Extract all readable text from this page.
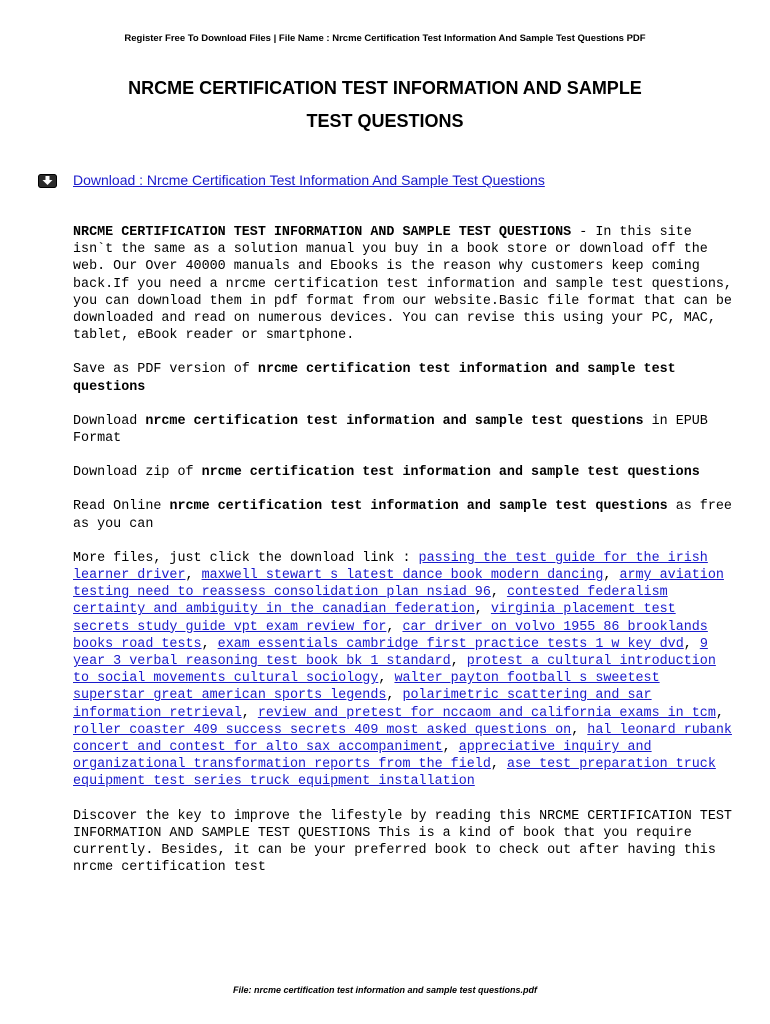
Register Free To Download Files | File Name : Nrcme Certification Test Information And Sample Test Questions PDF
NRCME CERTIFICATION TEST INFORMATION AND SAMPLE
TEST QUESTIONS
Download : Nrcme Certification Test Information And Sample Test Questions

NRCME CERTIFICATION TEST INFORMATION AND SAMPLE TEST QUESTIONS - In this site isn`t the same as a solution manual you buy in a book store or download off the web. Our Over 40000 manuals and Ebooks is the reason why customers keep coming back.If you need a nrcme certification test information and sample test questions, you can download them in pdf format from our website.Basic file format that can be downloaded and read on numerous devices. You can revise this using your PC, MAC, tablet, eBook reader or smartphone.

Save as PDF version of nrcme certification test information and sample test questions

Download nrcme certification test information and sample test questions in EPUB Format

Download zip of nrcme certification test information and sample test questions

Read Online nrcme certification test information and sample test questions as free as you can

More files, just click the download link : passing the test guide for the irish learner driver, maxwell stewart s latest dance book modern dancing, army aviation testing need to reassess consolidation plan nsiad 96, contested federalism certainty and ambiguity in the canadian federation, virginia placement test secrets study guide vpt exam review for, car driver on volvo 1955 86 brooklands books road tests, exam essentials cambridge first practice tests 1 w key dvd, 9 year 3 verbal reasoning test book bk 1 standard, protest a cultural introduction to social movements cultural sociology, walter payton football s sweetest superstar great american sports legends, polarimetric scattering and sar information retrieval, review and pretest for nccaom and california exams in tcm, roller coaster 409 success secrets 409 most asked questions on, hal leonard rubank concert and contest for alto sax accompaniment, appreciative inquiry and organizational transformation reports from the field, ase test preparation truck equipment test series truck equipment installation

Discover the key to improve the lifestyle by reading this NRCME CERTIFICATION TEST INFORMATION AND SAMPLE TEST QUESTIONS This is a kind of book that you require currently. Besides, it can be your preferred book to check out after having this nrcme certification test

File: nrcme certification test information and sample test questions.pdf
